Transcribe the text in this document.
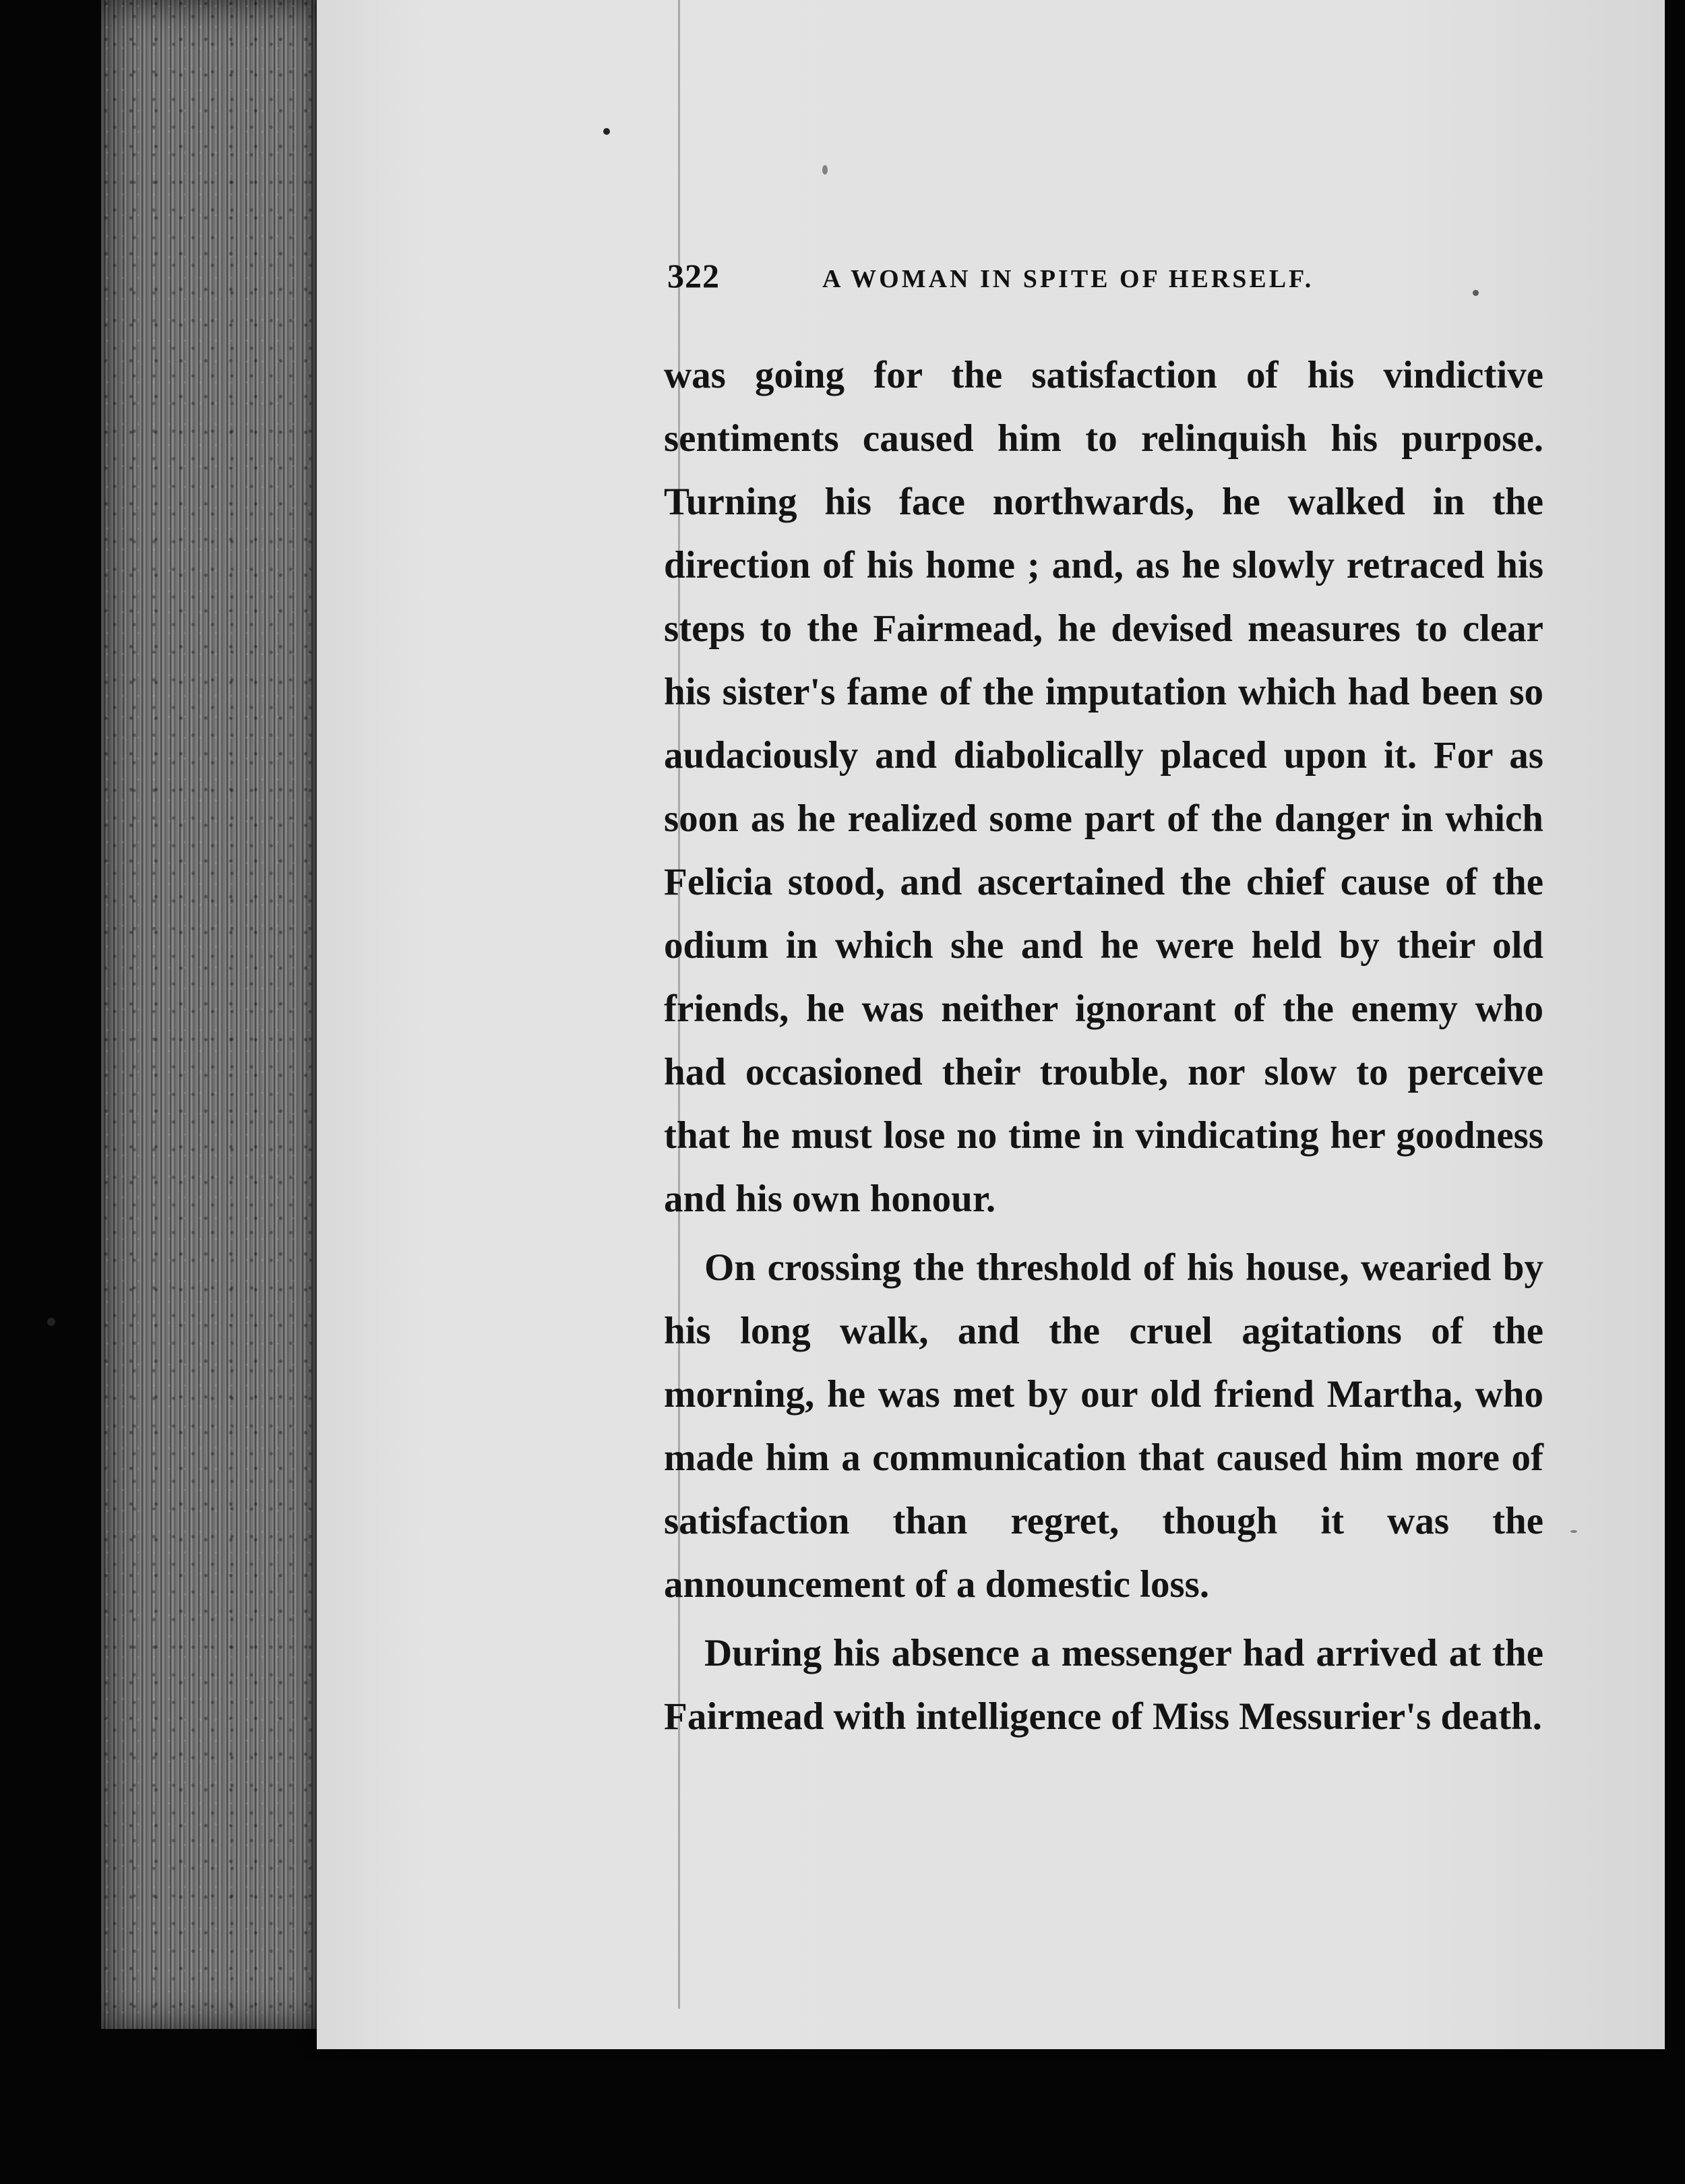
322	A WOMAN IN SPITE OF HERSELF.

was going for the satisfaction of his vindictive sentiments caused him to relinquish his purpose. Turning his face northwards, he walked in the direction of his home ; and, as he slowly retraced his steps to the Fairmead, he devised measures to clear his sister's fame of the imputation which had been so audaciously and diabolically placed upon it. For as soon as he realized some part of the danger in which Felicia stood, and ascertained the chief cause of the odium in which she and he were held by their old friends, he was neither ignorant of the enemy who had occasioned their trouble, nor slow to perceive that he must lose no time in vindicating her goodness and his own honour.

On crossing the threshold of his house, wearied by his long walk, and the cruel agitations of the morning, he was met by our old friend Martha, who made him a communication that caused him more of satisfaction than regret, though it was the announcement of a domestic loss.

During his absence a messenger had arrived at the Fairmead with intelligence of Miss Messurier's death.
